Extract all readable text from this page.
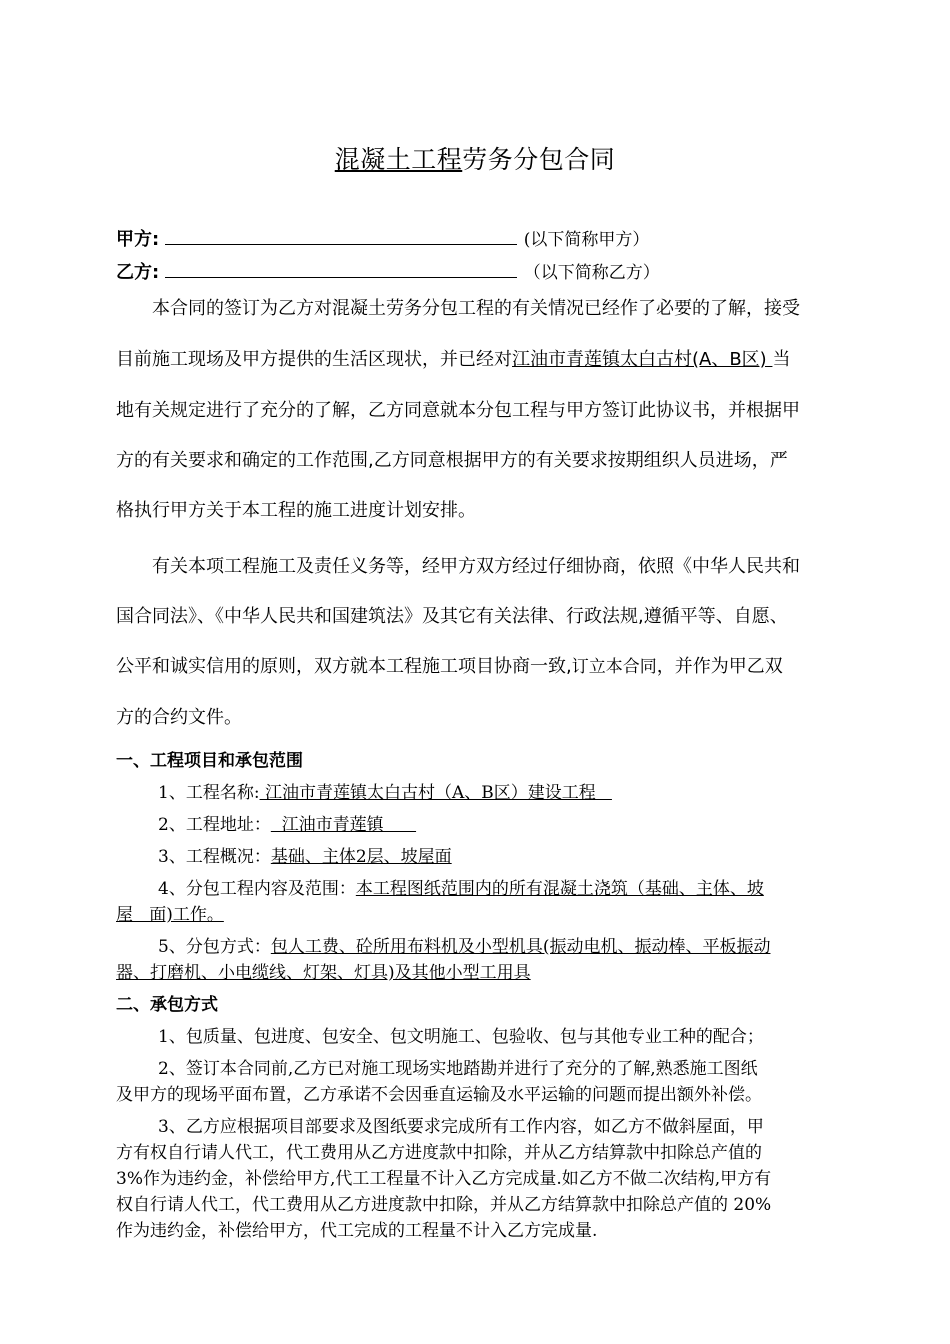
混凝土工程劳务分包合同
甲方:	(以下简称甲方）
乙方:	（以下简称乙方）
本合同的签订为乙方对混凝土劳务分包工程的有关情况已经作了必要的了解，接受
目前施工现场及甲方提供的生活区现状，并已经对江油市青莲镇太白古村(A、B区) 当
地有关规定进行了充分的了解，乙方同意就本分包工程与甲方签订此协议书，并根据甲
方的有关要求和确定的工作范围,乙方同意根据甲方的有关要求按期组织人员进场，严
格执行甲方关于本工程的施工进度计划安排。
有关本项工程施工及责任义务等，经甲方双方经过仔细协商，依照《中华人民共和
国合同法》、《中华人民共和国建筑法》及其它有关法律、行政法规,遵循平等、自愿、
公平和诚实信用的原则，双方就本工程施工项目协商一致,订立本合同，并作为甲乙双
方的合约文件。
一、工程项目和承包范围
1、工程名称: 江油市青莲镇太白古村（A、B区）建设工程
2、工程地址：  江油市青莲镇
3、工程概况：基础、主体2层、坡屋面
4、分包工程内容及范围：本工程图纸范围内的所有混凝土浇筑（基础、主体、坡
屋   面)工作。
5、分包方式：包人工费、砼所用布料机及小型机具(振动电机、振动棒、平板振动
器、打磨机、小电缆线、灯架、灯具)及其他小型工用具
二、承包方式
1、包质量、包进度、包安全、包文明施工、包验收、包与其他专业工种的配合；
2、签订本合同前,乙方已对施工现场实地踏勘并进行了充分的了解,熟悉施工图纸
及甲方的现场平面布置，乙方承诺不会因垂直运输及水平运输的问题而提出额外补偿。
3、乙方应根据项目部要求及图纸要求完成所有工作内容，如乙方不做斜屋面，甲
方有权自行请人代工，代工费用从乙方进度款中扣除，并从乙方结算款中扣除总产值的
3%作为违约金，补偿给甲方,代工工程量不计入乙方完成量.如乙方不做二次结构,甲方有
权自行请人代工，代工费用从乙方进度款中扣除，并从乙方结算款中扣除总产值的 20%
作为违约金，补偿给甲方，代工完成的工程量不计入乙方完成量.
